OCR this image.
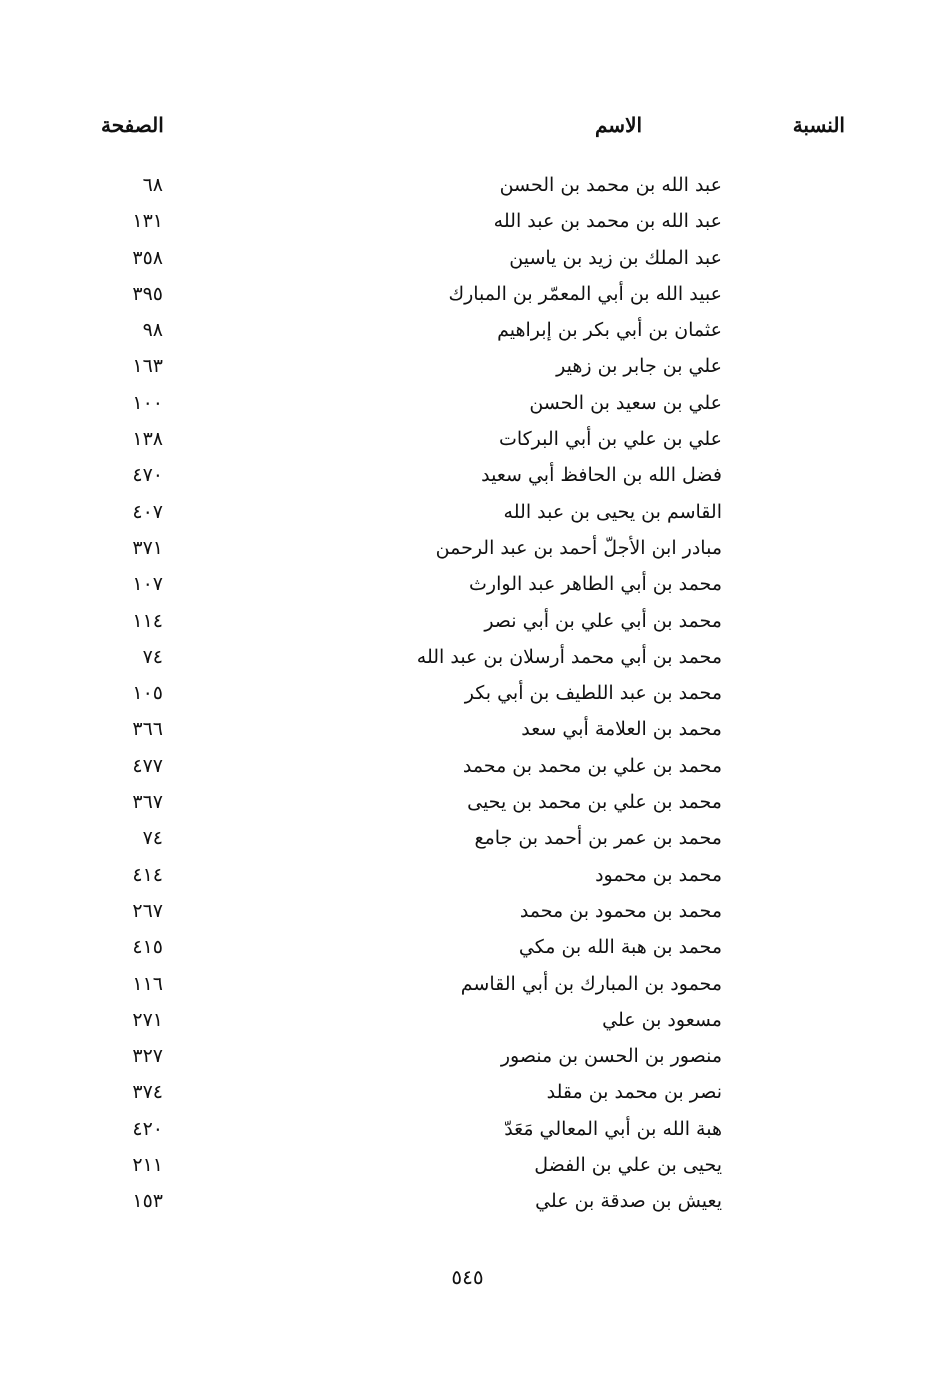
النسبة
الاسم
الصفحة
عبد الله بن محمد بن الحسن
٦٨
عبد الله بن محمد بن عبد الله
١٣١
عبد الملك بن زيد بن ياسين
٣٥٨
عبيد الله بن أبي المعمّر بن المبارك
٣٩٥
عثمان بن أبي بكر بن إبراهيم
٩٨
علي بن جابر بن زهير
١٦٣
علي بن سعيد بن الحسن
١٠٠
علي بن علي بن أبي البركات
١٣٨
فضل الله بن الحافظ أبي سعيد
٤٧٠
القاسم بن يحيى بن عبد الله
٤٠٧
مبادر ابن الأجلّ أحمد بن عبد الرحمن
٣٧١
محمد بن أبي الطاهر عبد الوارث
١٠٧
محمد بن أبي علي بن أبي نصر
١١٤
محمد بن أبي محمد أرسلان بن عبد الله
٧٤
محمد بن عبد اللطيف بن أبي بكر
١٠٥
محمد بن العلامة أبي سعد
٣٦٦
محمد بن علي بن محمد بن محمد
٤٧٧
محمد بن علي بن محمد بن يحيى
٣٦٧
محمد بن عمر بن أحمد بن جامع
٧٤
محمد بن محمود
٤١٤
محمد بن محمود بن محمد
٢٦٧
محمد بن هبة الله بن مكي
٤١٥
محمود بن المبارك بن أبي القاسم
١١٦
مسعود بن علي
٢٧١
منصور بن الحسن بن منصور
٣٢٧
نصر بن محمد بن مقلد
٣٧٤
هبة الله بن أبي المعالي مَعَدّ
٤٢٠
يحيى بن علي بن الفضل
٢١١
يعيش بن صدقة بن علي
١٥٣
٥٤٥
